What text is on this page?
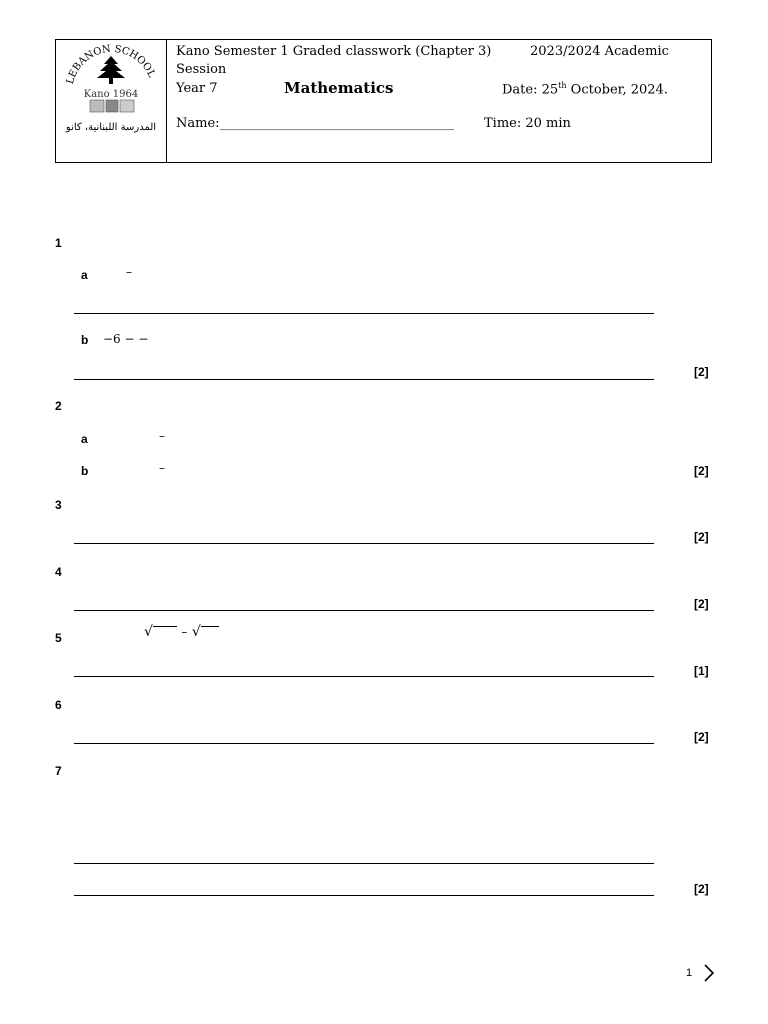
LEBANON SCHOOL
Kano 1964
المدرسة اللبنانية، كانو
Kano Semester 1 Graded classwork (Chapter 3)	2023/2024 Academic
Session
Year 7	Mathematics	Date: 25th October, 2024.
Name: ____________________________________ Time: 20 min
1
a	–
b −6 − −
[2]
2
a	–
b	–	[2]
3
[2]
4
[2]
5	√ – √
[1]
6
[2]
7
[2]
1
